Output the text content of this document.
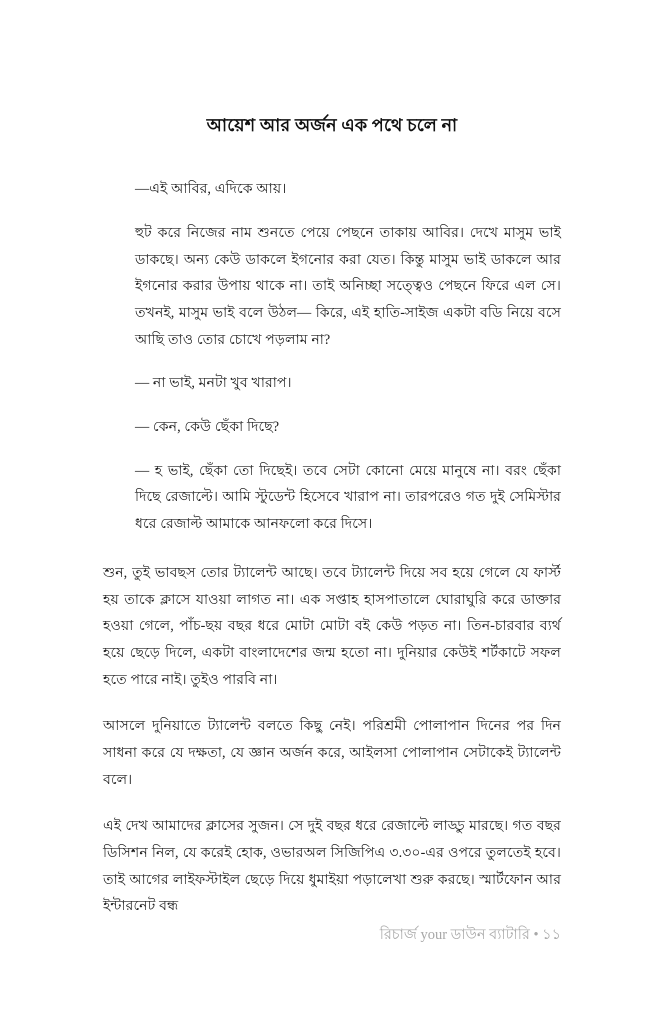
আয়েশ আর অর্জন এক পথে চলে না

—এই আবির, এদিকে আয়।

হুট করে নিজের নাম শুনতে পেয়ে পেছনে তাকায় আবির। দেখে মাসুম ভাই ডাকছে। অন্য কেউ ডাকলে ইগনোর করা যেত। কিন্তু মাসুম ভাই ডাকলে আর ইগনোর করার উপায় থাকে না। তাই অনিচ্ছা সত্ত্বেও পেছনে ফিরে এল সে। তখনই, মাসুম ভাই বলে উঠল— কিরে, এই হাতি-সাইজ একটা বডি নিয়ে বসে আছি তাও তোর চোখে পড়লাম না?

— না ভাই, মনটা খুব খারাপ।

— কেন, কেউ ছেঁকা দিছে?

— হ ভাই, ছেঁকা তো দিছেই। তবে সেটা কোনো মেয়ে মানুষে না। বরং ছেঁকা দিছে রেজাল্টে। আমি স্টুডেন্ট হিসেবে খারাপ না। তারপরেও গত দুই সেমিস্টার ধরে রেজাল্ট আমাকে আনফলো করে দিসে।

শুন, তুই ভাবছস তোর ট্যালেন্ট আছে। তবে ট্যালেন্ট দিয়ে সব হয়ে গেলে যে ফার্স্ট হয় তাকে ক্লাসে যাওয়া লাগত না। এক সপ্তাহ হাসপাতালে ঘোরাঘুরি করে ডাক্তার হওয়া গেলে, পাঁচ-ছয় বছর ধরে মোটা মোটা বই কেউ পড়ত না। তিন-চারবার ব্যর্থ হয়ে ছেড়ে দিলে, একটা বাংলাদেশের জন্ম হতো না। দুনিয়ার কেউই শর্টকাটে সফল হতে পারে নাই। তুইও পারবি না।

আসলে দুনিয়াতে ট্যালেন্ট বলতে কিছু নেই। পরিশ্রমী পোলাপান দিনের পর দিন সাধনা করে যে দক্ষতা, যে জ্ঞান অর্জন করে, আইলসা পোলাপান সেটাকেই ট্যালেন্ট বলে।

এই দেখ আমাদের ক্লাসের সুজন। সে দুই বছর ধরে রেজাল্টে লাড্ডু মারছে। গত বছর ডিসিশন নিল, যে করেই হোক, ওভারঅল সিজিপিএ ৩.৩০-এর ওপরে তুলতেই হবে। তাই আগের লাইফস্টাইল ছেড়ে দিয়ে ধুমাইয়া পড়ালেখা শুরু করছে। স্মার্টফোন আর ইন্টারনেট বন্ধ

রিচার্জ your ডাউন ব্যাটারি • ১১
